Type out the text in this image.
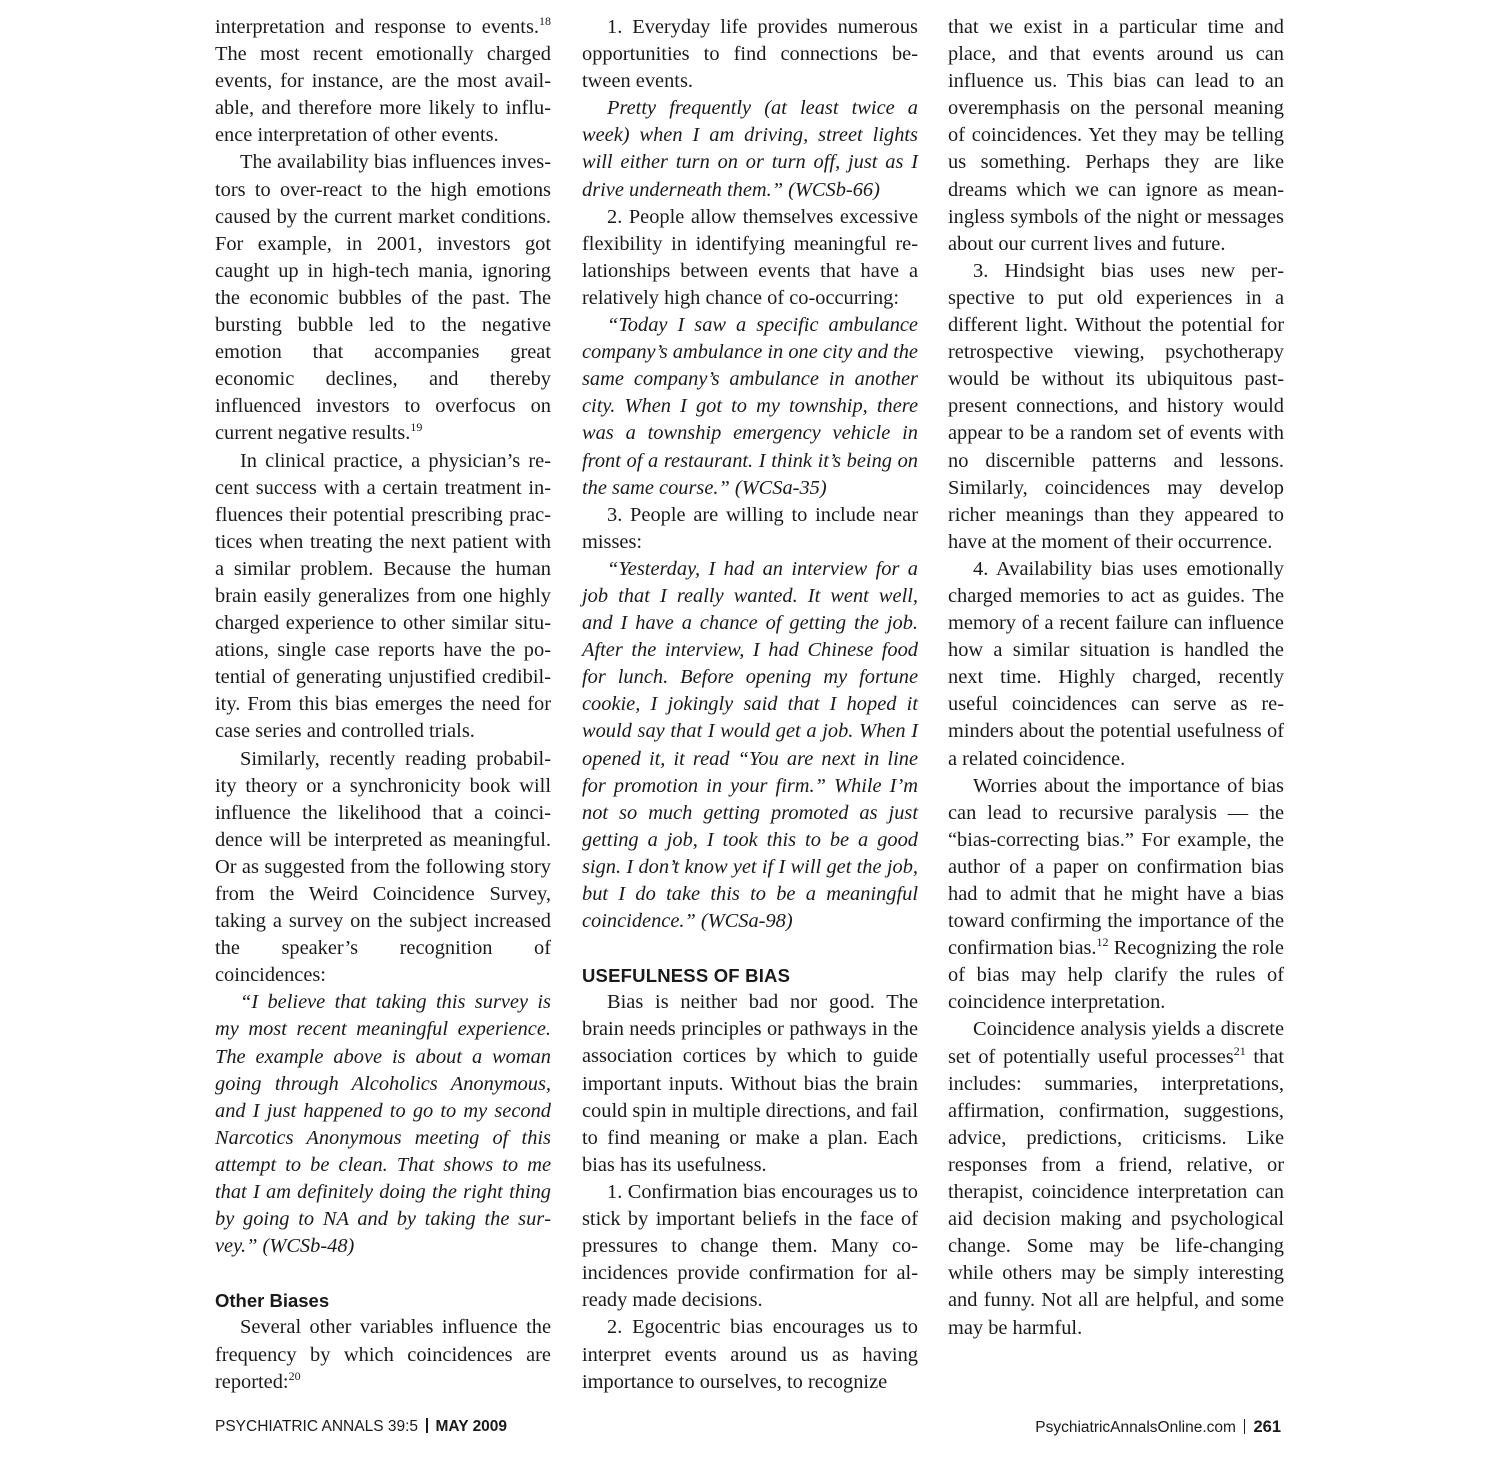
interpretation and response to events.$^{18}$ The most recent emotionally charged events, for instance, are the most available, and therefore more likely to influence interpretation of other events.

The availability bias influences investors to over-react to the high emotions caused by the current market conditions. For example, in 2001, investors got caught up in high-tech mania, ignoring the economic bubbles of the past. The bursting bubble led to the negative emotion that accompanies great economic declines, and thereby influenced investors to overfocus on current negative results.$^{19}$

In clinical practice, a physician’s recent success with a certain treatment influences their potential prescribing practices when treating the next patient with a similar problem. Because the human brain easily generalizes from one highly charged experience to other similar situations, single case reports have the potential of generating unjustified credibility. From this bias emerges the need for case series and controlled trials.

Similarly, recently reading probability theory or a synchronicity book will influence the likelihood that a coincidence will be interpreted as meaningful. Or as suggested from the following story from the Weird Coincidence Survey, taking a survey on the subject increased the speaker’s recognition of coincidences:

“I believe that taking this survey is my most recent meaningful experience. The example above is about a woman going through Alcoholics Anonymous, and I just happened to go to my second Narcotics Anonymous meeting of this attempt to be clean. That shows to me that I am definitely doing the right thing by going to NA and by taking the survey.” (WCSb-48)

Other Biases

Several other variables influence the frequency by which coincidences are reported:$^{20}$

1. Everyday life provides numerous opportunities to find connections between events.

Pretty frequently (at least twice a week) when I am driving, street lights will either turn on or turn off, just as I drive underneath them.” (WCSb-66)

2. People allow themselves excessive flexibility in identifying meaningful relationships between events that have a relatively high chance of co-occurring:

“Today I saw a specific ambulance company’s ambulance in one city and the same company’s ambulance in another city. When I got to my township, there was a township emergency vehicle in front of a restaurant. I think it’s being on the same course.” (WCSa-35)

3. People are willing to include near misses:

“Yesterday, I had an interview for a job that I really wanted. It went well, and I have a chance of getting the job. After the interview, I had Chinese food for lunch. Before opening my fortune cookie, I jokingly said that I hoped it would say that I would get a job. When I opened it, it read “You are next in line for promotion in your firm.” While I’m not so much getting promoted as just getting a job, I took this to be a good sign. I don’t know yet if I will get the job, but I do take this to be a meaningful coincidence.” (WCSa-98)

USEFULNESS OF BIAS

Bias is neither bad nor good. The brain needs principles or pathways in the association cortices by which to guide important inputs. Without bias the brain could spin in multiple directions, and fail to find meaning or make a plan. Each bias has its usefulness.

1. Confirmation bias encourages us to stick by important beliefs in the face of pressures to change them. Many coincidences provide confirmation for already made decisions.

2. Egocentric bias encourages us to interpret events around us as having importance to ourselves, to recognize

that we exist in a particular time and place, and that events around us can influence us. This bias can lead to an overemphasis on the personal meaning of coincidences. Yet they may be telling us something. Perhaps they are like dreams which we can ignore as meaningless symbols of the night or messages about our current lives and future.

3. Hindsight bias uses new perspective to put old experiences in a different light. Without the potential for retrospective viewing, psychotherapy would be without its ubiquitous past-present connections, and history would appear to be a random set of events with no discernible patterns and lessons. Similarly, coincidences may develop richer meanings than they appeared to have at the moment of their occurrence.

4. Availability bias uses emotionally charged memories to act as guides. The memory of a recent failure can influence how a similar situation is handled the next time. Highly charged, recently useful coincidences can serve as reminders about the potential usefulness of a related coincidence.

Worries about the importance of bias can lead to recursive paralysis — the “bias-correcting bias.” For example, the author of a paper on confirmation bias had to admit that he might have a bias toward confirming the importance of the confirmation bias.$^{12}$ Recognizing the role of bias may help clarify the rules of coincidence interpretation.

Coincidence analysis yields a discrete set of potentially useful processes$^{21}$ that includes: summaries, interpretations, affirmation, confirmation, suggestions, advice, predictions, criticisms. Like responses from a friend, relative, or therapist, coincidence interpretation can aid decision making and psychological change. Some may be life-changing while others may be simply interesting and funny. Not all are helpful, and some may be harmful.

PSYCHIATRIC ANNALS 39:5 MAY 2009	PsychiatricAnnalsOnline.com 261
